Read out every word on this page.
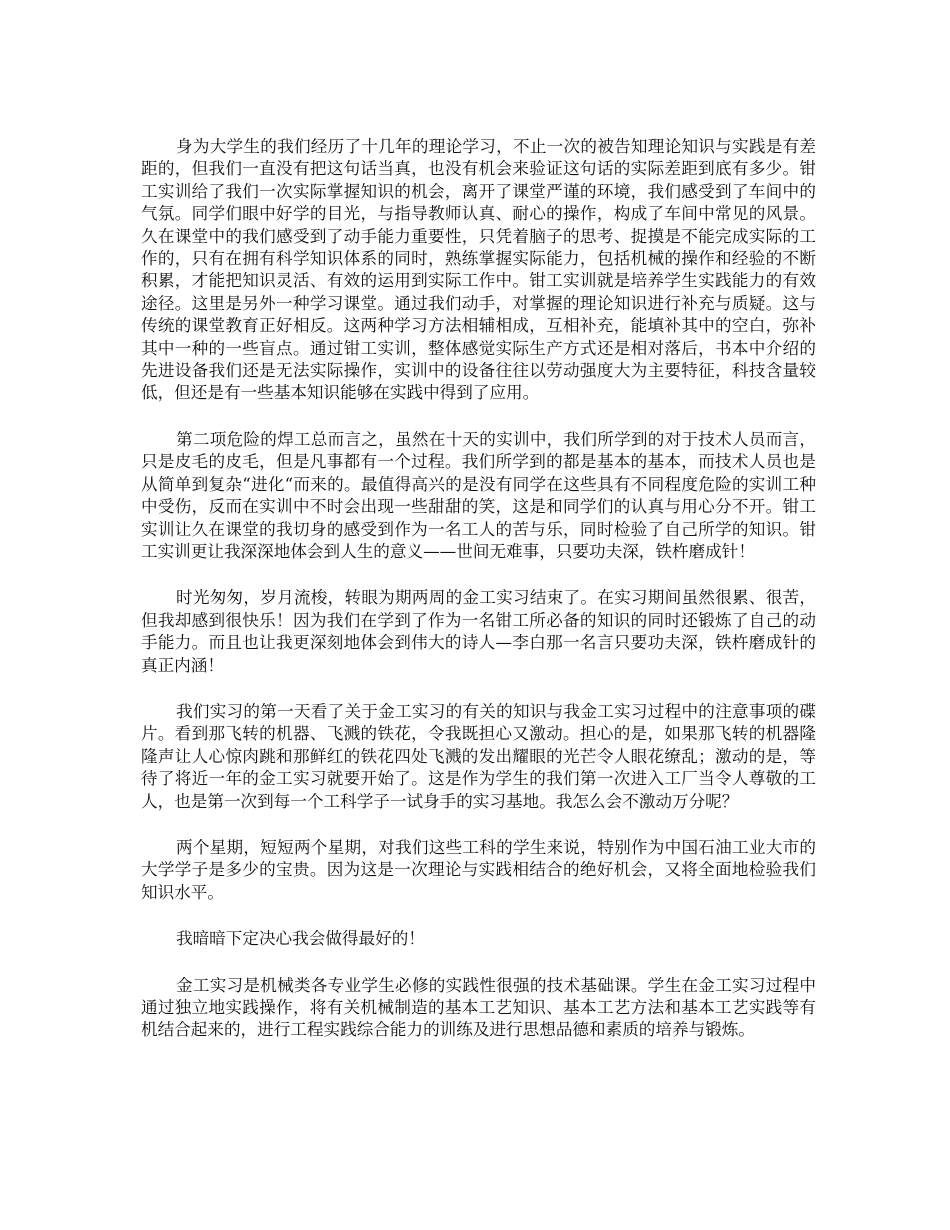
身为大学生的我们经历了十几年的理论学习，不止一次的被告知理论知识与实践是有差距的，但我们一直没有把这句话当真，也没有机会来验证这句话的实际差距到底有多少。钳工实训给了我们一次实际掌握知识的机会，离开了课堂严谨的环境，我们感受到了车间中的气氛。同学们眼中好学的目光，与指导教师认真、耐心的操作，构成了车间中常见的风景。久在课堂中的我们感受到了动手能力重要性，只凭着脑子的思考、捉摸是不能完成实际的工作的，只有在拥有科学知识体系的同时，熟练掌握实际能力，包括机械的操作和经验的不断积累，才能把知识灵活、有效的运用到实际工作中。钳工实训就是培养学生实践能力的有效途径。这里是另外一种学习课堂。通过我们动手，对掌握的理论知识进行补充与质疑。这与传统的课堂教育正好相反。这两种学习方法相辅相成，互相补充，能填补其中的空白，弥补其中一种的一些盲点。通过钳工实训，整体感觉实际生产方式还是相对落后，书本中介绍的先进设备我们还是无法实际操作，实训中的设备往往以劳动强度大为主要特征，科技含量较低，但还是有一些基本知识能够在实践中得到了应用。

第二项危险的焊工总而言之，虽然在十天的实训中，我们所学到的对于技术人员而言，只是皮毛的皮毛，但是凡事都有一个过程。我们所学到的都是基本的基本，而技术人员也是从简单到复杂“进化“而来的。最值得高兴的是没有同学在这些具有不同程度危险的实训工种中受伤，反而在实训中不时会出现一些甜甜的笑，这是和同学们的认真与用心分不开。钳工实训让久在课堂的我切身的感受到作为一名工人的苦与乐，同时检验了自己所学的知识。钳工实训更让我深深地体会到人生的意义——世间无难事，只要功夫深，铁杵磨成针！

时光匆匆，岁月流梭，转眼为期两周的金工实习结束了。在实习期间虽然很累、很苦，但我却感到很快乐！因为我们在学到了作为一名钳工所必备的知识的同时还锻炼了自己的动手能力。而且也让我更深刻地体会到伟大的诗人—李白那一名言只要功夫深，铁杵磨成针的真正内涵！

我们实习的第一天看了关于金工实习的有关的知识与我金工实习过程中的注意事项的碟片。看到那飞转的机器、飞溅的铁花，令我既担心又激动。担心的是，如果那飞转的机器隆隆声让人心惊肉跳和那鲜红的铁花四处飞溅的发出耀眼的光芒令人眼花缭乱；激动的是，等待了将近一年的金工实习就要开始了。这是作为学生的我们第一次进入工厂当令人尊敬的工人，也是第一次到每一个工科学子一试身手的实习基地。我怎么会不激动万分呢？

两个星期，短短两个星期，对我们这些工科的学生来说，特别作为中国石油工业大市的大学学子是多少的宝贵。因为这是一次理论与实践相结合的绝好机会，又将全面地检验我们知识水平。

我暗暗下定决心我会做得最好的！

金工实习是机械类各专业学生必修的实践性很强的技术基础课。学生在金工实习过程中通过独立地实践操作，将有关机械制造的基本工艺知识、基本工艺方法和基本工艺实践等有机结合起来的，进行工程实践综合能力的训练及进行思想品德和素质的培养与锻炼。
